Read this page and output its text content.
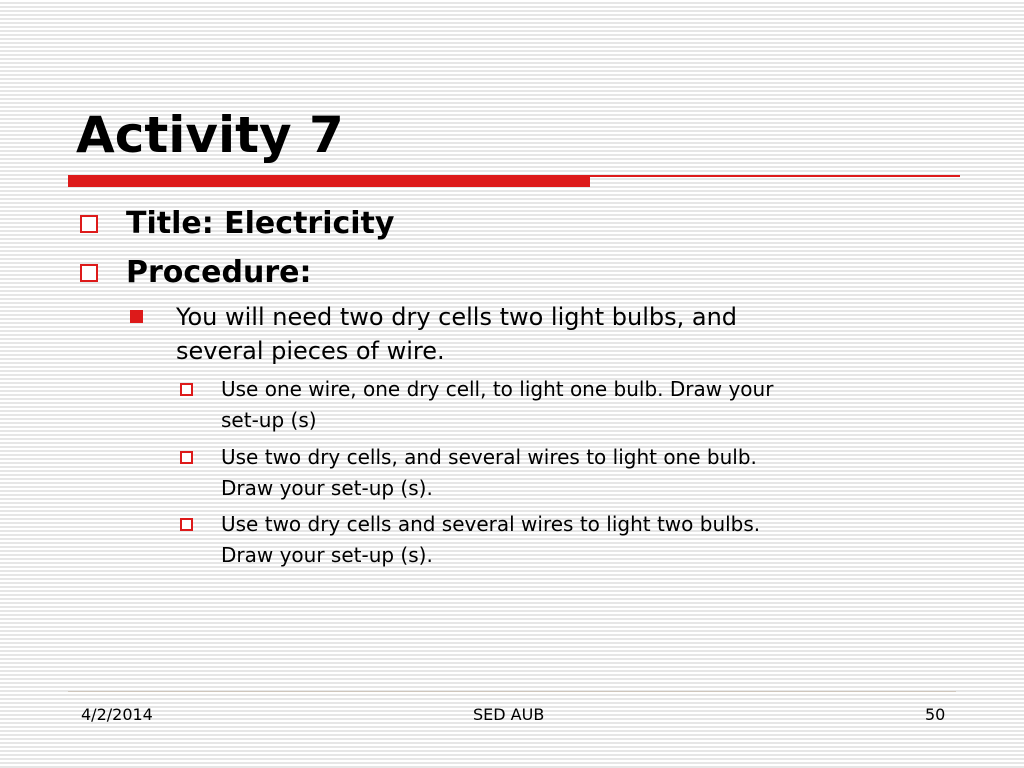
Activity 7
Title: Electricity
Procedure:
You will need two dry cells two light bulbs, and
several pieces of wire.
Use one wire, one dry cell, to light one bulb. Draw your
set-up (s)
Use two dry cells, and several wires to light one bulb.
Draw your set-up (s).
Use two dry cells and several wires to light two bulbs.
Draw your set-up (s).
4/2/2014	SED AUB	50
